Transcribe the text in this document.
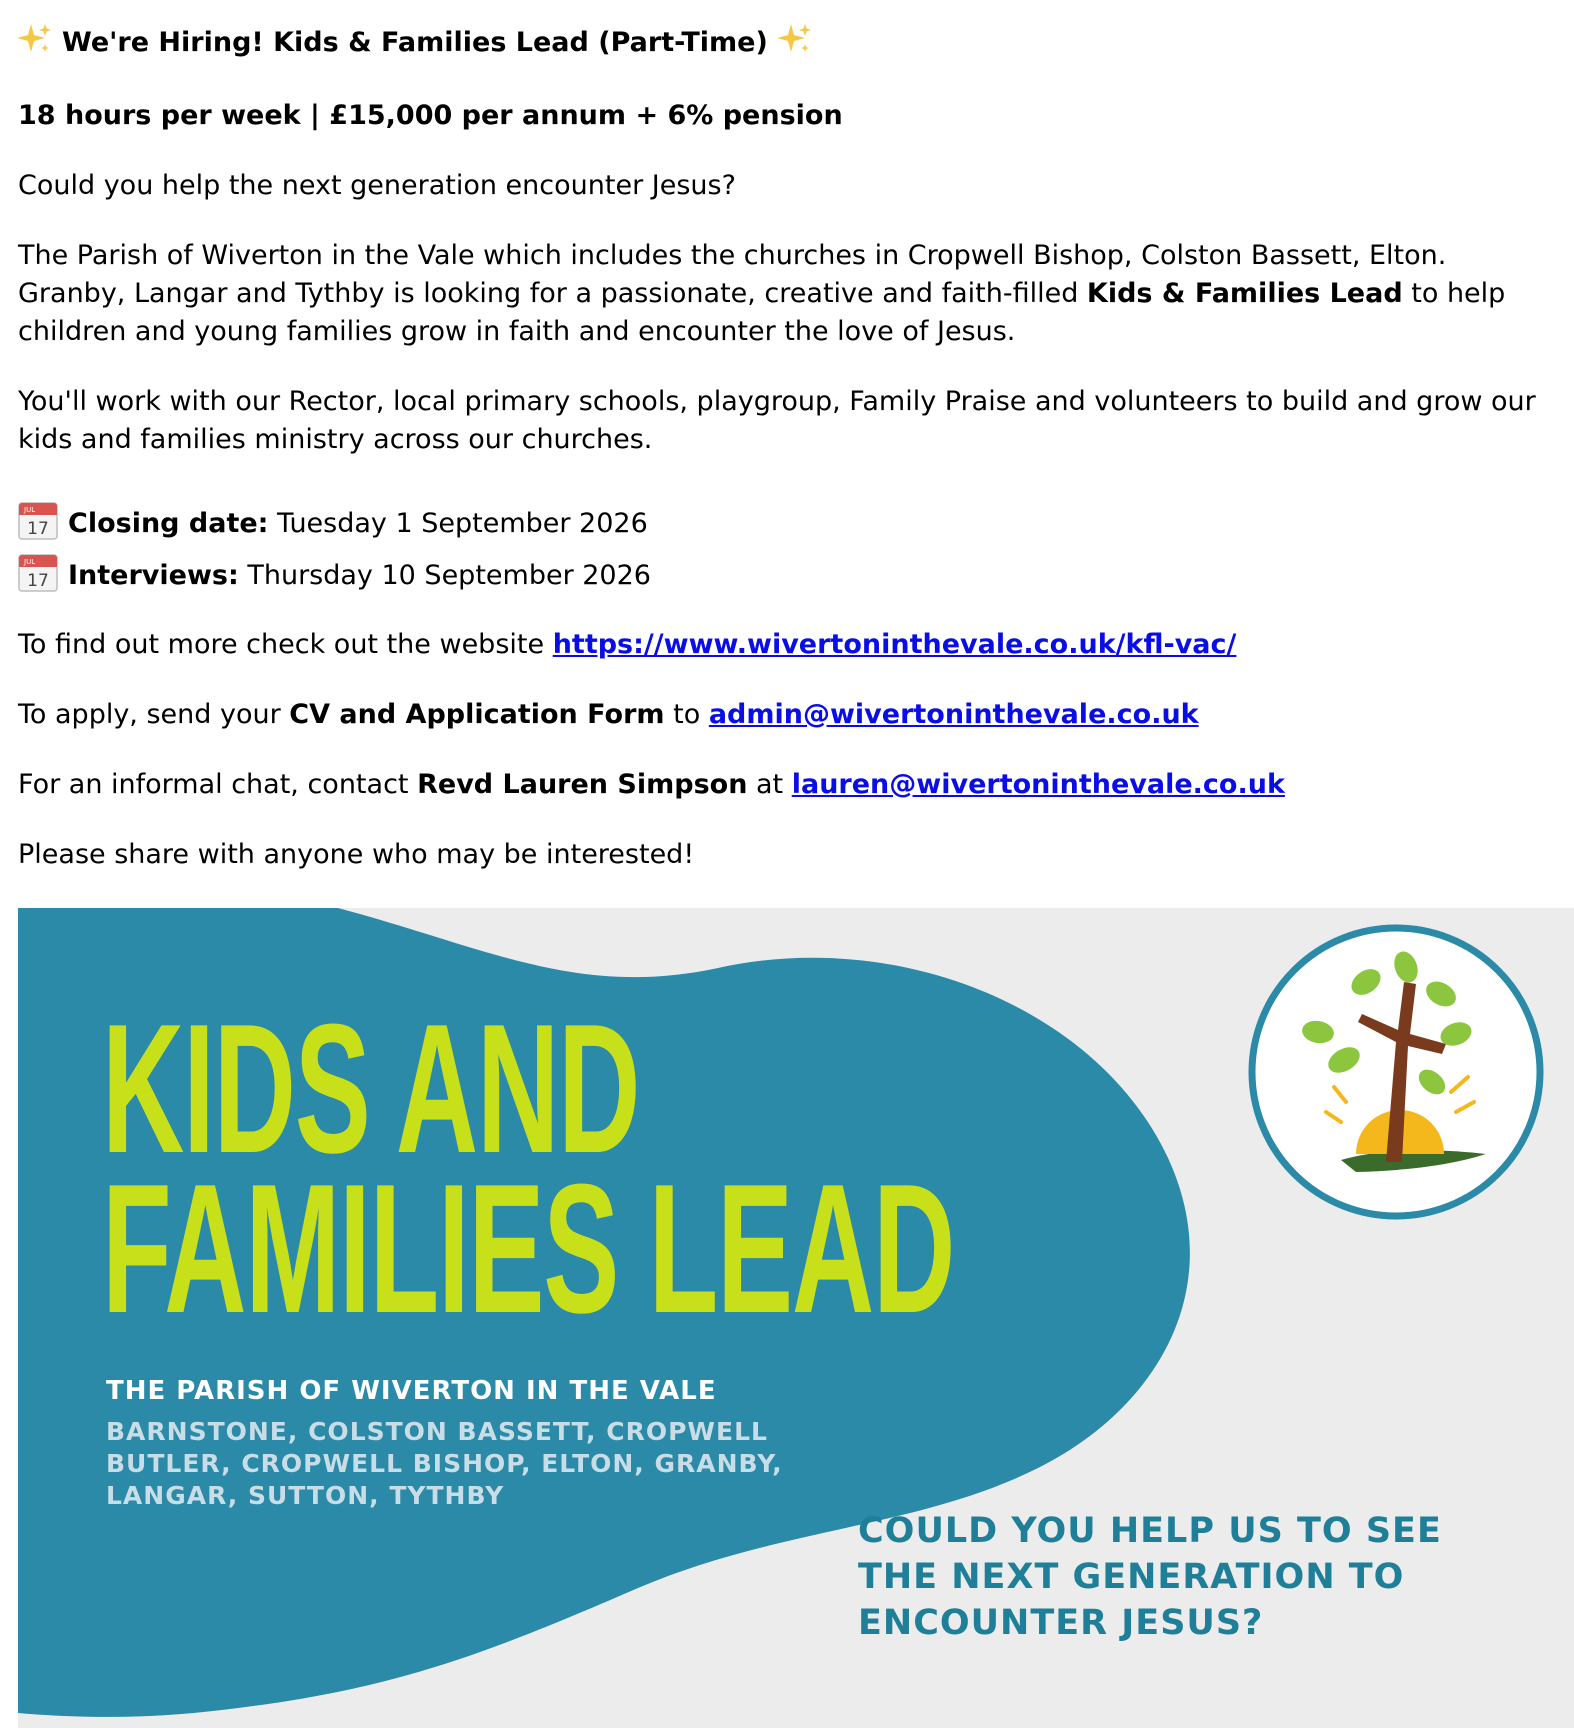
We're Hiring! Kids & Families Lead (Part-Time)

18 hours per week | £15,000 per annum + 6% pension

Could you help the next generation encounter Jesus?

The Parish of Wiverton in the Vale which includes the churches in Cropwell Bishop, Colston Bassett, Elton. Granby, Langar and Tythby is looking for a passionate, creative and faith-filled Kids & Families Lead to help children and young families grow in faith and encounter the love of Jesus.

You'll work with our Rector, local primary schools, playgroup, Family Praise and volunteers to build and grow our kids and families ministry across our churches.

JUL
17 Closing date: Tuesday 1 September 2026

JUL
17 Interviews: Thursday 10 September 2026

To find out more check out the website https://www.wivertoninthevale.co.uk/kfl-vac/

To apply, send your CV and Application Form to admin@wivertoninthevale.co.uk

For an informal chat, contact Revd Lauren Simpson at lauren@wivertoninthevale.co.uk

Please share with anyone who may be interested!

KIDS AND
FAMILIES LEAD
THE PARISH OF WIVERTON IN THE VALE
BARNSTONE, COLSTON BASSETT, CROPWELL BUTLER, CROPWELL BISHOP, ELTON, GRANBY, LANGAR, SUTTON, TYTHBY
COULD YOU HELP US TO SEE THE NEXT GENERATION TO ENCOUNTER JESUS?
